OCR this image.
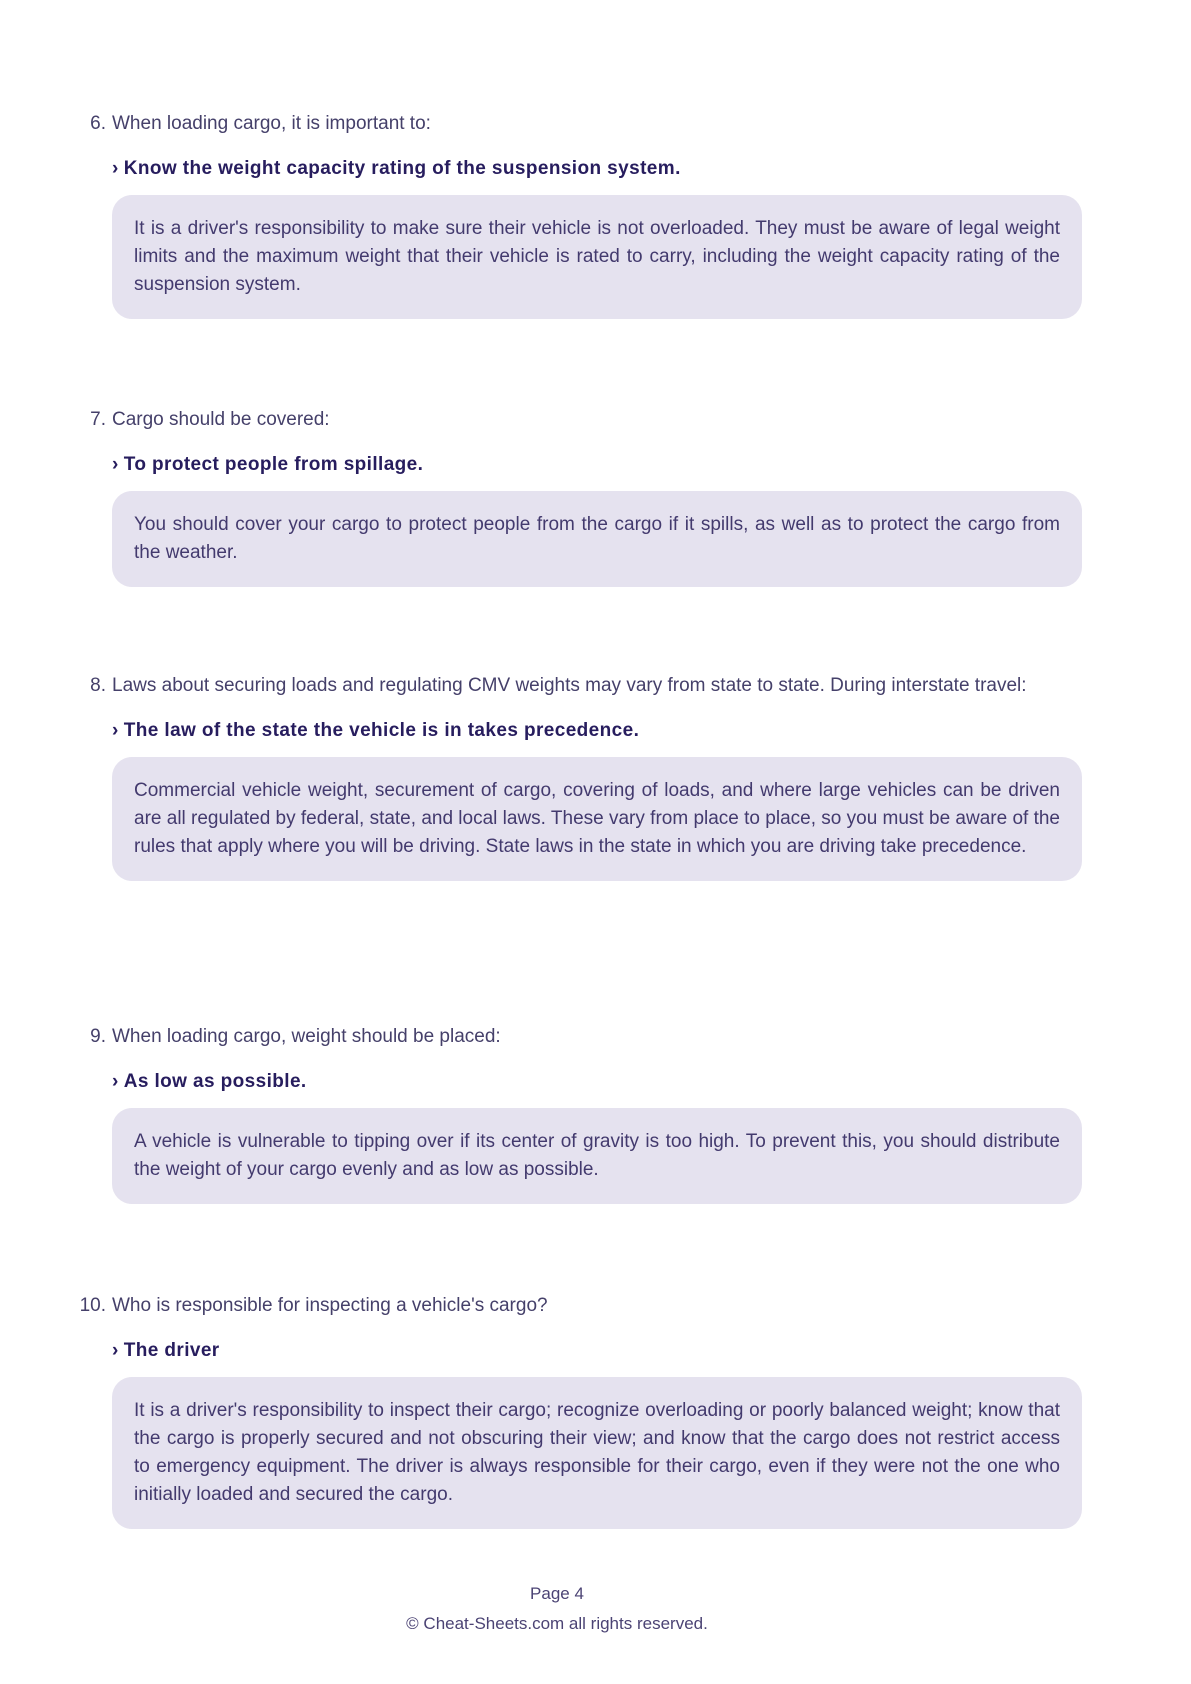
6. When loading cargo, it is important to:
› Know the weight capacity rating of the suspension system.

It is a driver's responsibility to make sure their vehicle is not overloaded. They must be aware of legal weight limits and the maximum weight that their vehicle is rated to carry, including the weight capacity rating of the suspension system.

7. Cargo should be covered:
› To protect people from spillage.

You should cover your cargo to protect people from the cargo if it spills, as well as to protect the cargo from the weather.

8. Laws about securing loads and regulating CMV weights may vary from state to state. During interstate travel:
› The law of the state the vehicle is in takes precedence.

Commercial vehicle weight, securement of cargo, covering of loads, and where large vehicles can be driven are all regulated by federal, state, and local laws. These vary from place to place, so you must be aware of the rules that apply where you will be driving. State laws in the state in which you are driving take precedence.

9. When loading cargo, weight should be placed:
› As low as possible.

A vehicle is vulnerable to tipping over if its center of gravity is too high. To prevent this, you should distribute the weight of your cargo evenly and as low as possible.

10. Who is responsible for inspecting a vehicle's cargo?
› The driver

It is a driver's responsibility to inspect their cargo; recognize overloading or poorly balanced weight; know that the cargo is properly secured and not obscuring their view; and know that the cargo does not restrict access to emergency equipment. The driver is always responsible for their cargo, even if they were not the one who initially loaded and secured the cargo.

Page 4
© Cheat-Sheets.com all rights reserved.
